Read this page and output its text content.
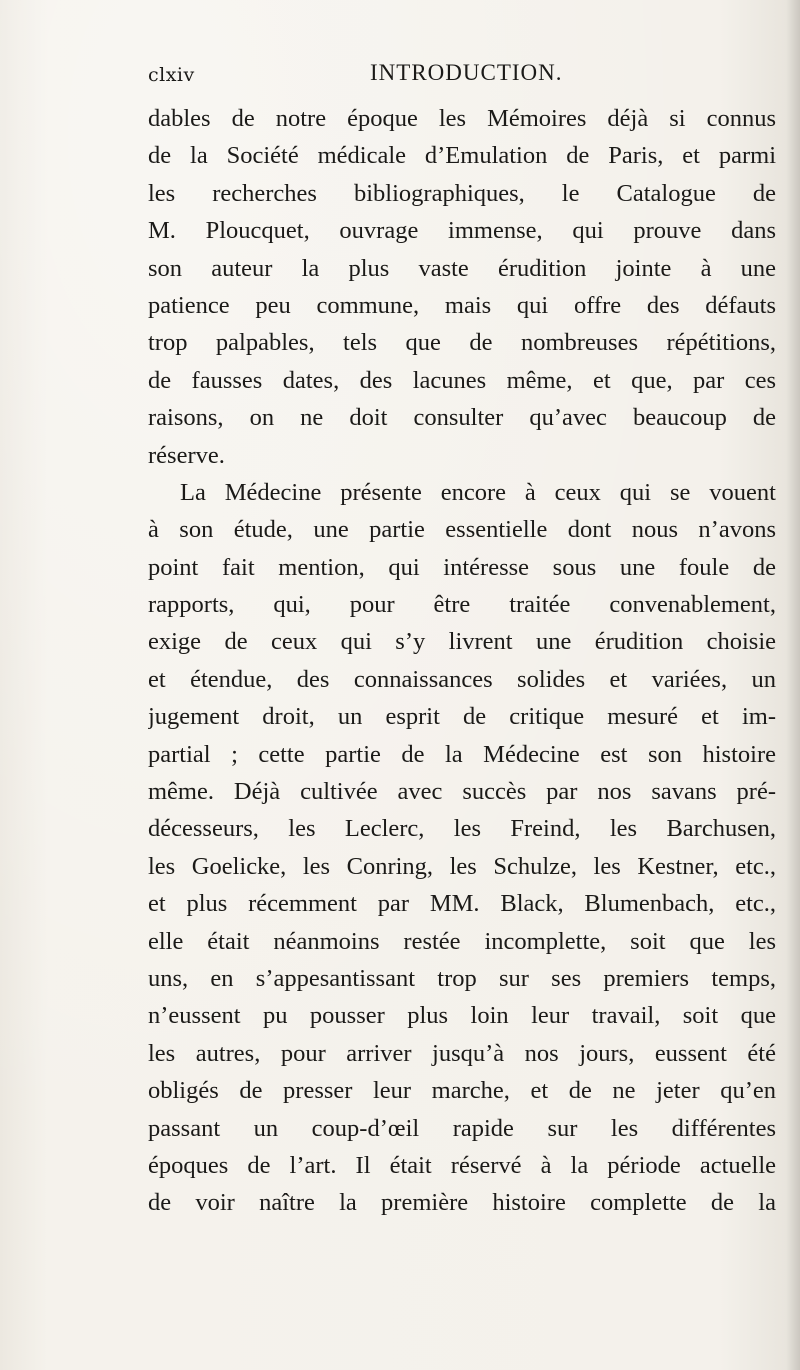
clxiv	INTRODUCTION.
dables de notre époque les Mémoires déjà si connus
de la Société médicale d’Emulation de Paris, et parmi
les recherches bibliographiques, le Catalogue de
M. Ploucquet, ouvrage immense, qui prouve dans
son auteur la plus vaste érudition jointe à une
patience peu commune, mais qui offre des défauts
trop palpables, tels que de nombreuses répétitions,
de fausses dates, des lacunes même, et que, par ces
raisons, on ne doit consulter qu’avec beaucoup de
réserve.
La Médecine présente encore à ceux qui se vouent
à son étude, une partie essentielle dont nous n’avons
point fait mention, qui intéresse sous une foule de
rapports, qui, pour être traitée convenablement,
exige de ceux qui s’y livrent une érudition choisie
et étendue, des connaissances solides et variées, un
jugement droit, un esprit de critique mesuré et im-
partial ; cette partie de la Médecine est son histoire
même. Déjà cultivée avec succès par nos savans pré-
décesseurs, les Leclerc, les Freind, les Barchusen,
les Goelicke, les Conring, les Schulze, les Kestner, etc.,
et plus récemment par MM. Black, Blumenbach, etc.,
elle était néanmoins restée incomplette, soit que les
uns, en s’appesantissant trop sur ses premiers temps,
n’eussent pu pousser plus loin leur travail, soit que
les autres, pour arriver jusqu’à nos jours, eussent été
obligés de presser leur marche, et de ne jeter qu’en
passant un coup-d’œil rapide sur les différentes
époques de l’art. Il était réservé à la période actuelle
de voir naître la première histoire complette de la
